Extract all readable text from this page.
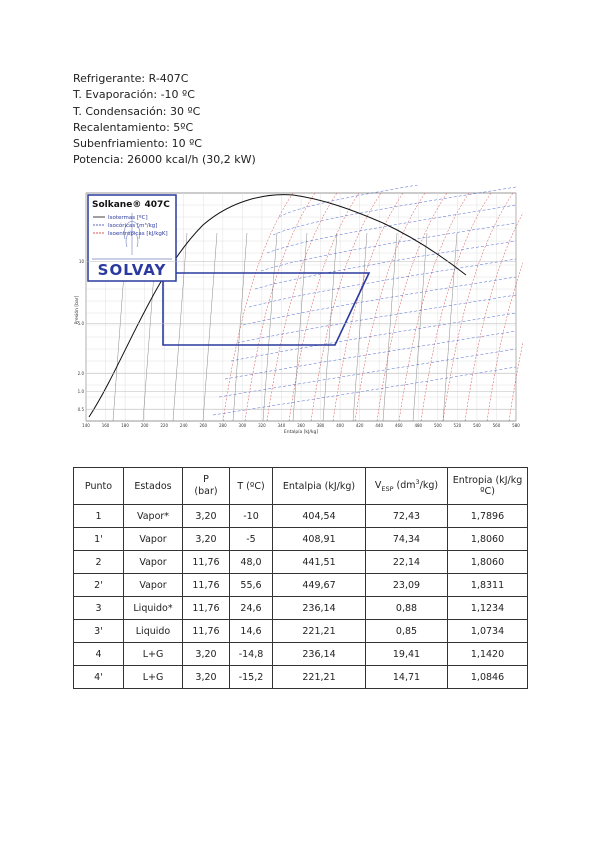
Refrigerante: R-407C
T. Evaporación: -10 ºC
T. Condensación: 30 ºC
Recalentamiento: 5ºC
Subenfriamiento: 10 ºC
Potencia: 26000 kcal/h (30,2 kW)
Solkane® 407C
Isotermas [ºC]
Isocóricas [m³/kg]
Isoentrópicas [kJ/kgK]
SOLVAY
10
5.0
2.0
1.0
0.5
140	160	180	200	220	240	260	280	300	320	340	360	380	400	420	440	460	480	500	520	540	560	580
Presión [bar]
Entalpía [kJ/kg]
Punto	Estados	P
(bar)	T (ºC)	Entalpia (kJ/kg)	$V_{ESP}$ $(dm^3/kg)$	Entropia (kJ/kg ºC)
1	Vapor*	3,20	-10	404,54	72,43	1,7896
1'	Vapor	3,20	-5	408,91	74,34	1,8060
2	Vapor	11,76	48,0	441,51	22,14	1,8060
2'	Vapor	11,76	55,6	449,67	23,09	1,8311
3	Liquido*	11,76	24,6	236,14	0,88	1,1234
3'	Liquido	11,76	14,6	221,21	0,85	1,0734
4	L+G	3,20	-14,8	236,14	19,41	1,1420
4'	L+G	3,20	-15,2	221,21	14,71	1,0846
